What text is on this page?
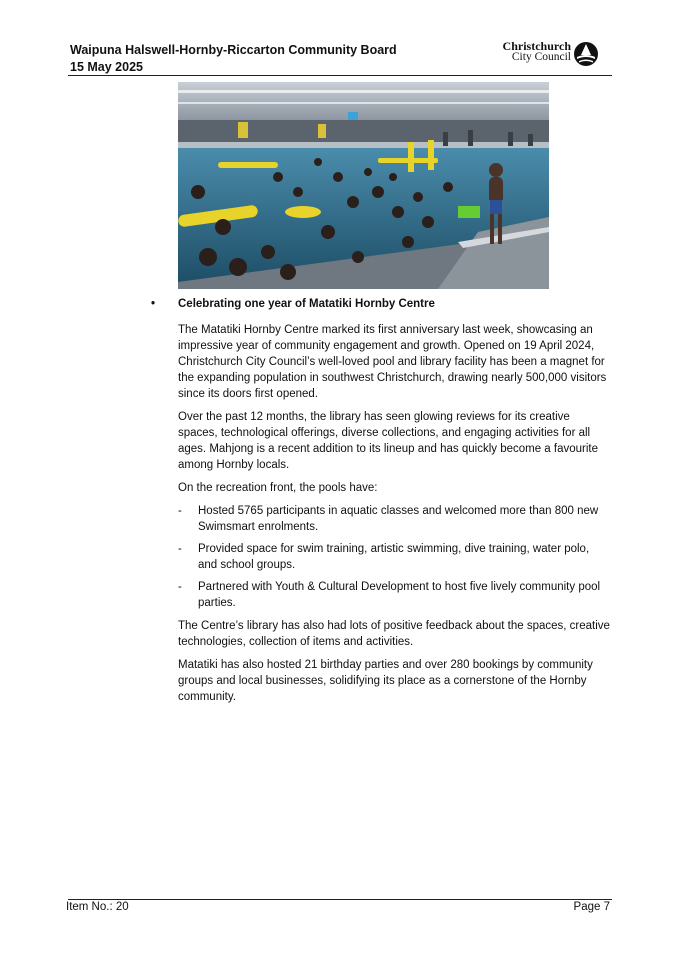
Waipuna Halswell-Hornby-Riccarton Community Board
15 May 2025
Christchurch
City Council
• Celebrating one year of Matatiki Hornby Centre

The Matatiki Hornby Centre marked its first anniversary last week, showcasing an impressive year of community engagement and growth. Opened on 19 April 2024, Christchurch City Council’s well-loved pool and library facility has been a magnet for the expanding population in southwest Christchurch, drawing nearly 500,000 visitors since its doors first opened.

Over the past 12 months, the library has seen glowing reviews for its creative spaces, technological offerings, diverse collections, and engaging activities for all ages. Mahjong is a recent addition to its lineup and has quickly become a favourite among Hornby locals.

On the recreation front, the pools have:

- Hosted 5765 participants in aquatic classes and welcomed more than 800 new Swimsmart enrolments.
- Provided space for swim training, artistic swimming, dive training, water polo, and school groups.
- Partnered with Youth & Cultural Development to host five lively community pool parties.

The Centre’s library has also had lots of positive feedback about the spaces, creative technologies, collection of items and activities.

Matatiki has also hosted 21 birthday parties and over 280 bookings by community groups and local businesses, solidifying its place as a cornerstone of the Hornby community.

Item No.: 20	Page 7
